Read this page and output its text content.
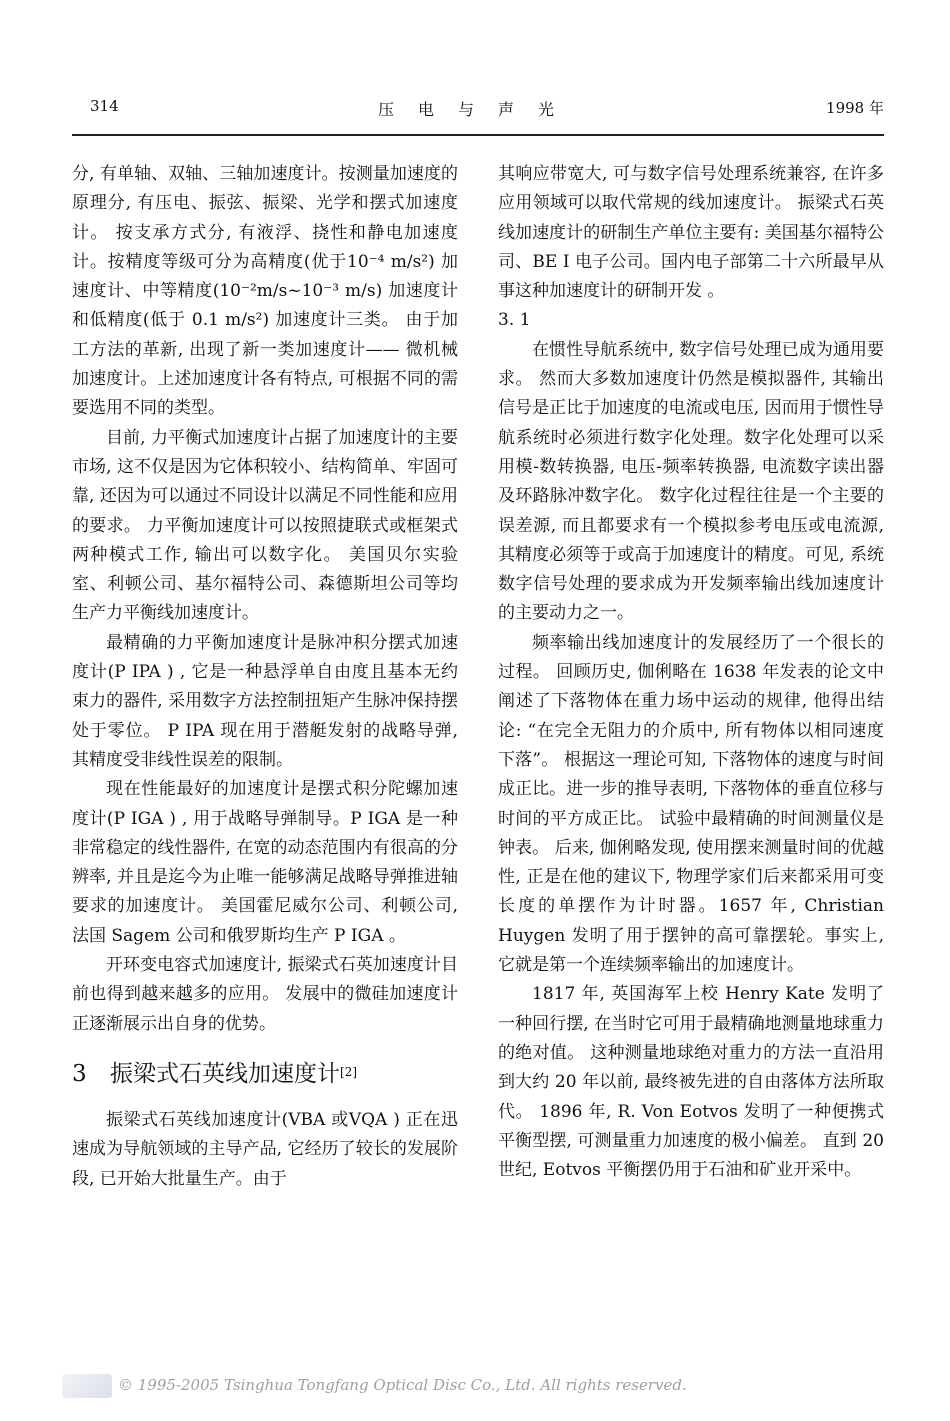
314	压电与声光	1998 年

分, 有单轴、双轴、三轴加速度计。按测量加速度的原理分, 有压电、振弦、振梁、光学和摆式加速度计。 按支承方式分, 有液浮、挠性和静电加速度计。按精度等级可分为高精度(优于10⁻⁴ m/s²) 加速度计、中等精度(10⁻²m/s~10⁻³ m/s) 加速度计和低精度(低于 0.1 m/s²) 加速度计三类。 由于加工方法的革新, 出现了新一类加速度计—— 微机械加速度计。上述加速度计各有特点, 可根据不同的需要选用不同的类型。

目前, 力平衡式加速度计占据了加速度计的主要市场, 这不仅是因为它体积较小、结构简单、牢固可靠, 还因为可以通过不同设计以满足不同性能和应用的要求。 力平衡加速度计可以按照捷联式或框架式两种模式工作, 输出可以数字化。 美国贝尔实验室、利顿公司、基尔福特公司、森德斯坦公司等均生产力平衡线加速度计。

最精确的力平衡加速度计是脉冲积分摆式加速度计(P IPA ) , 它是一种悬浮单自由度且基本无约束力的器件, 采用数字方法控制扭矩产生脉冲保持摆处于零位。 P IPA 现在用于潜艇发射的战略导弹, 其精度受非线性误差的限制。

现在性能最好的加速度计是摆式积分陀螺加速度计(P IGA ) , 用于战略导弹制导。P IGA 是一种非常稳定的线性器件, 在宽的动态范围内有很高的分辨率, 并且是迄今为止唯一能够满足战略导弹推进轴要求的加速度计。 美国霍尼威尔公司、利顿公司, 法国 Sagem 公司和俄罗斯均生产 P IGA 。

开环变电容式加速度计, 振梁式石英加速度计目前也得到越来越多的应用。 发展中的微硅加速度计正逐渐展示出自身的优势。

3 振梁式石英线加速度计[2]

振梁式石英线加速度计(VBA 或VQA ) 正在迅速成为导航领域的主导产品, 它经历了较长的发展阶段, 已开始大批量生产。由于

其响应带宽大, 可与数字信号处理系统兼容, 在许多应用领域可以取代常规的线加速度计。 振梁式石英线加速度计的研制生产单位主要有: 美国基尔福特公司、BE I 电子公司。国内电子部第二十六所最早从事这种加速度计的研制开发 。

3. 1

在惯性导航系统中, 数字信号处理已成为通用要求。 然而大多数加速度计仍然是模拟器件, 其输出信号是正比于加速度的电流或电压, 因而用于惯性导航系统时必须进行数字化处理。数字化处理可以采用模-数转换器, 电压-频率转换器, 电流数字读出器及环路脉冲数字化。 数字化过程往往是一个主要的误差源, 而且都要求有一个模拟参考电压或电流源, 其精度必须等于或高于加速度计的精度。可见, 系统数字信号处理的要求成为开发频率输出线加速度计的主要动力之一。

频率输出线加速度计的发展经历了一个很长的过程。 回顾历史, 伽俐略在 1638 年发表的论文中阐述了下落物体在重力场中运动的规律, 他得出结论: “在完全无阻力的介质中, 所有物体以相同速度下落”。 根据这一理论可知, 下落物体的速度与时间成正比。进一步的推导表明, 下落物体的垂直位移与时间的平方成正比。 试验中最精确的时间测量仪是钟表。 后来, 伽俐略发现, 使用摆来测量时间的优越性, 正是在他的建议下, 物理学家们后来都采用可变长度的单摆作为计时器。1657 年, Christian Huygen 发明了用于摆钟的高可靠摆轮。事实上, 它就是第一个连续频率输出的加速度计。

1817 年, 英国海军上校 Henry Kate 发明了一种回行摆, 在当时它可用于最精确地测量地球重力的绝对值。 这种测量地球绝对重力的方法一直沿用到大约 20 年以前, 最终被先进的自由落体方法所取代。 1896 年, R. Von Eotvos 发明了一种便携式平衡型摆, 可测量重力加速度的极小偏差。 直到 20 世纪, Eotvos 平衡摆仍用于石油和矿业开采中。

© 1995-2005 Tsinghua Tongfang Optical Disc Co., Ltd. All rights reserved.
